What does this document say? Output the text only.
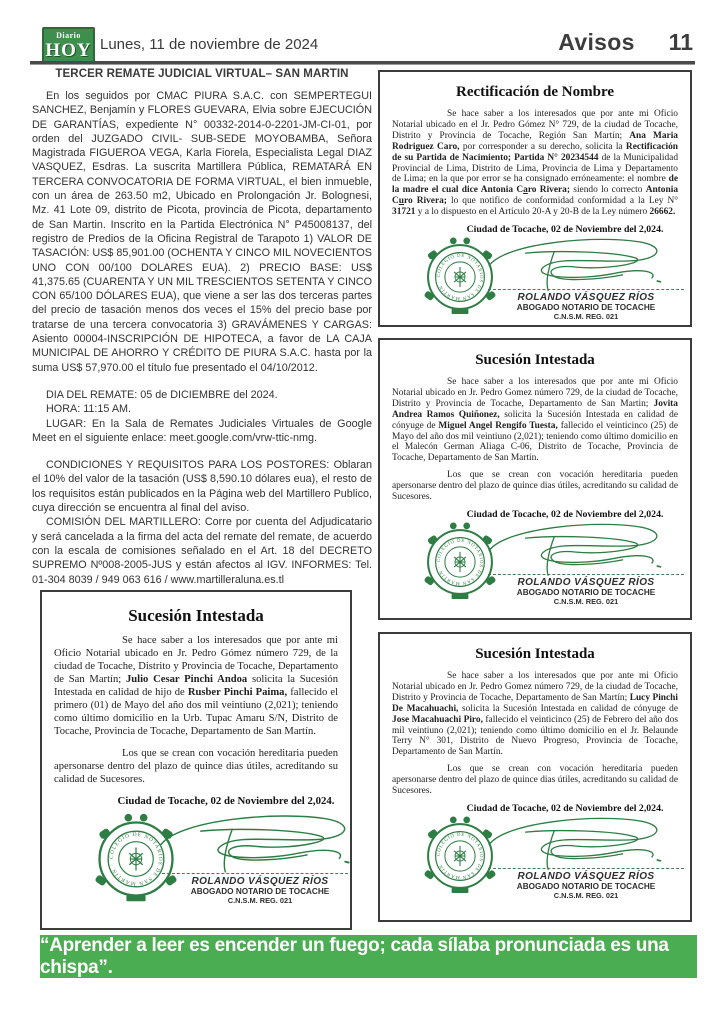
Diario
HOY Lunes, 11 de noviembre de 2024	Avisos 11
TERCER REMATE JUDICIAL VIRTUAL– SAN MARTIN

En los seguidos por CMAC PIURA S.A.C. con SEMPERTEGUI SANCHEZ, Benjamín y FLORES GUEVARA, Elvia sobre EJECUCIÓN DE GARANTÍAS, expediente N° 00332-2014-0-2201-JM-CI-01, por orden del JUZGADO CIVIL- SUB-SEDE MOYOBAMBA, Señora Magistrada FIGUEROA VEGA, Karla Fiorela, Especialista Legal DIAZ VASQUEZ, Esdras. La suscrita Martillera Pública, REMATARÁ EN TERCERA CONVOCATORIA DE FORMA VIRTUAL, el bien inmueble, con un área de 263.50 m2, Ubicado en Prolongación Jr. Bolognesi, Mz. 41 Lote 09, distrito de Picota, provincia de Picota, departamento de San Martin. Inscrito en la Partida Electrónica N° P45008137, del registro de Predios de la Oficina Registral de Tarapoto 1) VALOR DE TASACIÓN: US$ 85,901.00 (OCHENTA Y CINCO MIL NOVECIENTOS UNO CON 00/100 DOLARES EUA). 2) PRECIO BASE: US$ 41,375.65 (CUARENTA Y UN MIL TRESCIENTOS SETENTA Y CINCO CON 65/100 DÓLARES EUA), que viene a ser las dos terceras partes del precio de tasación menos dos veces el 15% del precio base por tratarse de una tercera convocatoria 3) GRAVÁMENES Y CARGAS: Asiento 00004-INSCRIPCIÓN DE HIPOTECA, a favor de LA CAJA MUNICIPAL DE AHORRO Y CRÉDITO DE PIURA S.A.C. hasta por la suma US$ 57,970.00 el título fue presentado el 04/10/2012.

DIA DEL REMATE: 05 de DICIEMBRE del 2024.

HORA: 11:15 AM.

LUGAR: En la Sala de Remates Judiciales Virtuales de Google Meet en el siguiente enlace: meet.google.com/vrw-ttic-nmg.

CONDICIONES Y REQUISITOS PARA LOS POSTORES: Oblaran el 10% del valor de la tasación (US$ 8,590.10 dólares eua), el resto de los requisitos están publicados en la Página web del Martillero Publico, cuya dirección se encuentra al final del aviso.

COMISIÓN DEL MARTILLERO: Corre por cuenta del Adjudicatario y será cancelada a la firma del acta del remate del remate, de acuerdo con la escala de comisiones señalado en el Art. 18 del DECRETO SUPREMO Nº008-2005-JUS y están afectos al IGV. INFORMES: Tel. 01-304 8039 / 949 063 616 / www.martilleraluna.es.tl

Rectificación de Nombre

Se hace saber a los interesados que por ante mi Oficio Notarial ubicado en el Jr. Pedro Gómez N° 729, de la ciudad de Tocache, Distrito y Provincia de Tocache, Región San Martín; Ana Maria Rodriguez Caro, por corresponder a su derecho, solicita la Rectificación de su Partida de Nacimiento; Partida N° 20234544 de la Municipalidad Provincial de Lima, Distrito de Lima, Provincia de Lima y Departamento de Lima; en la que por error se ha consignado erróneamente: el nombre de la madre el cual dice Antonia Caro Rivera; siendo lo correcto Antonia Curo Rivera; lo que notifico de conformidad conformidad a la Ley N° 31721 y a lo dispuesto en el Artículo 20-A y 20-B de la Ley número 26662.

Ciudad de Tocache, 02 de Noviembre del 2,024.

ROLANDO VÁSQUEZ RÍOS
ABOGADO NOTARIO DE TOCACHE
C.N.S.M. REG. 021
Sucesión Intestada

Se hace saber a los interesados que por ante mi Oficio Notarial ubicado en Jr. Pedro Gomez número 729, de la ciudad de Tocache, Distrito y Provincia de Tocache, Departamento de San Martin; Jovita Andrea Ramos Quiñonez, solicita la Sucesión Intestada en calidad de cónyuge de Miguel Angel Rengifo Tuesta, fallecido el veinticinco (25) de Mayo del año dos mil veintiuno (2,021); teniendo como último domicilio en el Malecón German Aliaga C-06, Distrito de Tocache, Provincia de Tocache, Departamento de San Martín.

Los que se crean con vocación hereditaria pueden apersonarse dentro del plazo de quince dias útiles, acreditando su calidad de Sucesores.

Ciudad de Tocache, 02 de Noviembre del 2,024.

ROLANDO VÁSQUEZ RÍOS
ABOGADO NOTARIO DE TOCACHE
C.N.S.M. REG. 021
Sucesión Intestada

Se hace saber a los interesados que por ante mi Oficio Notarial ubicado en Jr. Pedro Gomez número 729, de la ciudad de Tocache, Distrito y Provincia de Tocache, Departamento de San Martín; Lucy Pinchi De Macahuachi, solicita la Sucesión Intestada en calidad de cónyuge de Jose Macahuachi Piro, fallecido el veinticinco (25) de Febrero del año dos mil veintiuno (2,021); teniendo como último domicilio en el Jr. Belaunde Terry N° 301, Distrito de Nuevo Progreso, Provincia de Tocache, Departamento de San Martín.

Los que se crean con vocación hereditaria pueden apersonarse dentro del plazo de quince dias útiles, acreditando su calidad de Sucesores.

Ciudad de Tocache, 02 de Noviembre del 2,024.

ROLANDO VÁSQUEZ RÍOS
ABOGADO NOTARIO DE TOCACHE
C.N.S.M. REG. 021
Sucesión Intestada

Se hace saber a los interesados que por ante mi Oficio Notarial ubicado en Jr. Pedro Gómez número 729, de la ciudad de Tocache, Distrito y Provincia de Tocache, Departamento de San Martín; Julio Cesar Pinchi Andoa solicita la Sucesión Intestada en calidad de hijo de Rusber Pinchi Paima, fallecido el primero (01) de Mayo del año dos mil veintiuno (2,021); teniendo como último domicilio en la Urb. Tupac Amaru S/N, Distrito de Tocache, Provincia de Tocache, Departamento de San Martín.

Los que se crean con vocación hereditaria pueden apersonarse dentro del plazo de quince dias útiles, acreditando su calidad de Sucesores.

Ciudad de Tocache, 02 de Noviembre del 2,024.

ROLANDO VÁSQUEZ RÍOS
ABOGADO NOTARIO DE TOCACHE
C.N.S.M. REG. 021
“Aprender a leer es encender un fuego; cada sílaba pronunciada es una chispa”.
